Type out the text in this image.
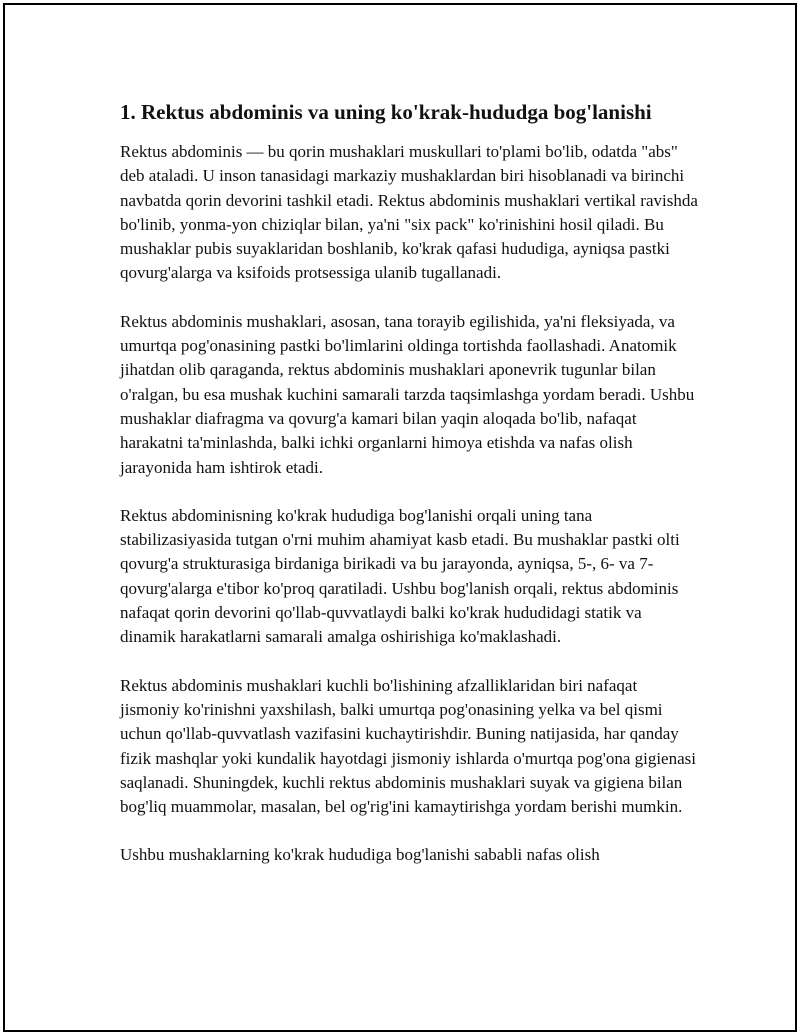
1. Rektus abdominis va uning ko'krak-hududga bog'lanishi

Rektus abdominis — bu qorin mushaklari muskullari to'plami bo'lib, odatda "abs" deb ataladi. U inson tanasidagi markaziy mushaklardan biri hisoblanadi va birinchi navbatda qorin devorini tashkil etadi. Rektus abdominis mushaklari vertikal ravishda bo'linib, yonma-yon chiziqlar bilan, ya'ni "six pack" ko'rinishini hosil qiladi. Bu mushaklar pubis suyaklaridan boshlanib, ko'krak qafasi hududiga, ayniqsa pastki qovurg'alarga va ksifoids protsessiga ulanib tugallanadi.

Rektus abdominis mushaklari, asosan, tana torayib egilishida, ya'ni fleksiyada, va umurtqa pog'onasining pastki bo'limlarini oldinga tortishda faollashadi. Anatomik jihatdan olib qaraganda, rektus abdominis mushaklari aponevrik tugunlar bilan o'ralgan, bu esa mushak kuchini samarali tarzda taqsimlashga yordam beradi. Ushbu mushaklar diafragma va qovurg'a kamari bilan yaqin aloqada bo'lib, nafaqat harakatni ta'minlashda, balki ichki organlarni himoya etishda va nafas olish jarayonida ham ishtirok etadi.

Rektus abdominisning ko'krak hududiga bog'lanishi orqali uning tana stabilizasiyasida tutgan o'rni muhim ahamiyat kasb etadi. Bu mushaklar pastki olti qovurg'a strukturasiga birdaniga birikadi va bu jarayonda, ayniqsa, 5-, 6- va 7-qovurg'alarga e'tibor ko'proq qaratiladi. Ushbu bog'lanish orqali, rektus abdominis nafaqat qorin devorini qo'llab-quvvatlaydi balki ko'krak hududidagi statik va dinamik harakatlarni samarali amalga oshirishiga ko'maklashadi.

Rektus abdominis mushaklari kuchli bo'lishining afzalliklaridan biri nafaqat jismoniy ko'rinishni yaxshilash, balki umurtqa pog'onasining yelka va bel qismi uchun qo'llab-quvvatlash vazifasini kuchaytirishdir. Buning natijasida, har qanday fizik mashqlar yoki kundalik hayotdagi jismoniy ishlarda o'murtqa pog'ona gigienasi saqlanadi. Shuningdek, kuchli rektus abdominis mushaklari suyak va gigiena bilan bog'liq muammolar, masalan, bel og'rig'ini kamaytirishga yordam berishi mumkin.

Ushbu mushaklarning ko'krak hududiga bog'lanishi sababli nafas olish
